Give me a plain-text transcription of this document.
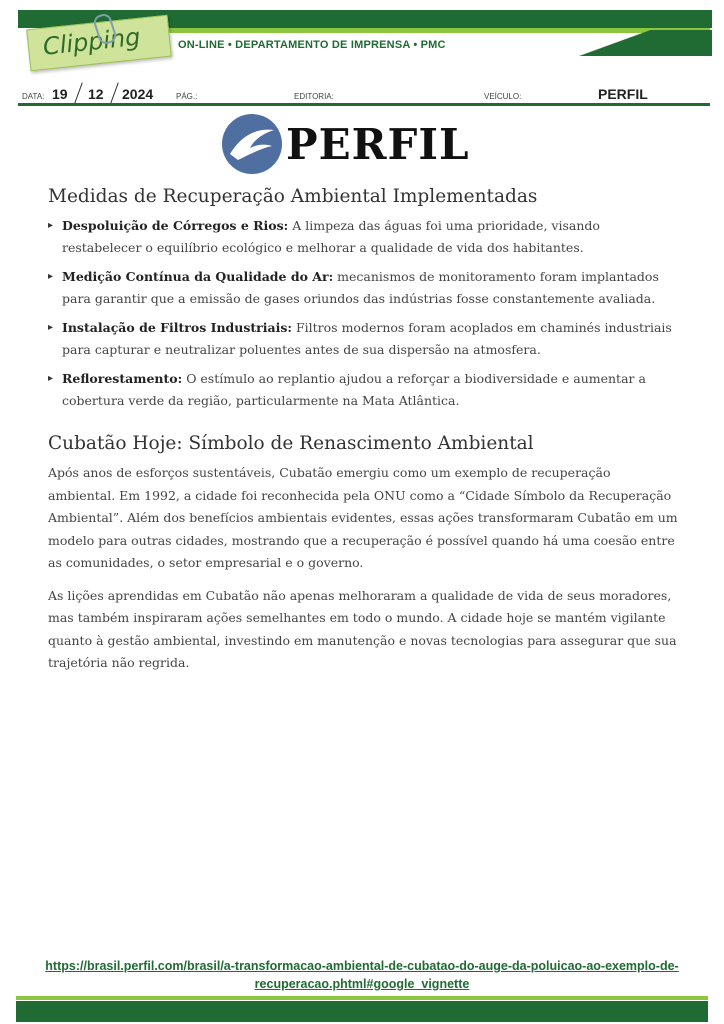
Clipping	ON-LINE • DEPARTAMENTO DE IMPRENSA • PMC
DATA: 19 12 2024	PÁG.:	EDITORIA:	VEÍCULO:	PERFIL
PERFIL
Medidas de Recuperação Ambiental Implementadas
▸ Despoluição de Córregos e Rios: A limpeza das águas foi uma prioridade, visando restabelecer o equilíbrio ecológico e melhorar a qualidade de vida dos habitantes.
▸ Medição Contínua da Qualidade do Ar: mecanismos de monitoramento foram implantados para garantir que a emissão de gases oriundos das indústrias fosse constantemente avaliada.
▸ Instalação de Filtros Industriais: Filtros modernos foram acoplados em chaminés industriais para capturar e neutralizar poluentes antes de sua dispersão na atmosfera.
▸ Reflorestamento: O estímulo ao replantio ajudou a reforçar a biodiversidade e aumentar a cobertura verde da região, particularmente na Mata Atlântica.
Cubatão Hoje: Símbolo de Renascimento Ambiental

Após anos de esforços sustentáveis, Cubatão emergiu como um exemplo de recuperação ambiental. Em 1992, a cidade foi reconhecida pela ONU como a “Cidade Símbolo da Recuperação Ambiental”. Além dos benefícios ambientais evidentes, essas ações transformaram Cubatão em um modelo para outras cidades, mostrando que a recuperação é possível quando há uma coesão entre as comunidades, o setor empresarial e o governo.

As lições aprendidas em Cubatão não apenas melhoraram a qualidade de vida de seus moradores, mas também inspiraram ações semelhantes em todo o mundo. A cidade hoje se mantém vigilante quanto à gestão ambiental, investindo em manutenção e novas tecnologias para assegurar que sua trajetória não regrida.

https://brasil.perfil.com/brasil/a-transformacao-ambiental-de-cubatao-do-auge-da-poluicao-ao-exemplo-de-recuperacao.phtml#google_vignette
